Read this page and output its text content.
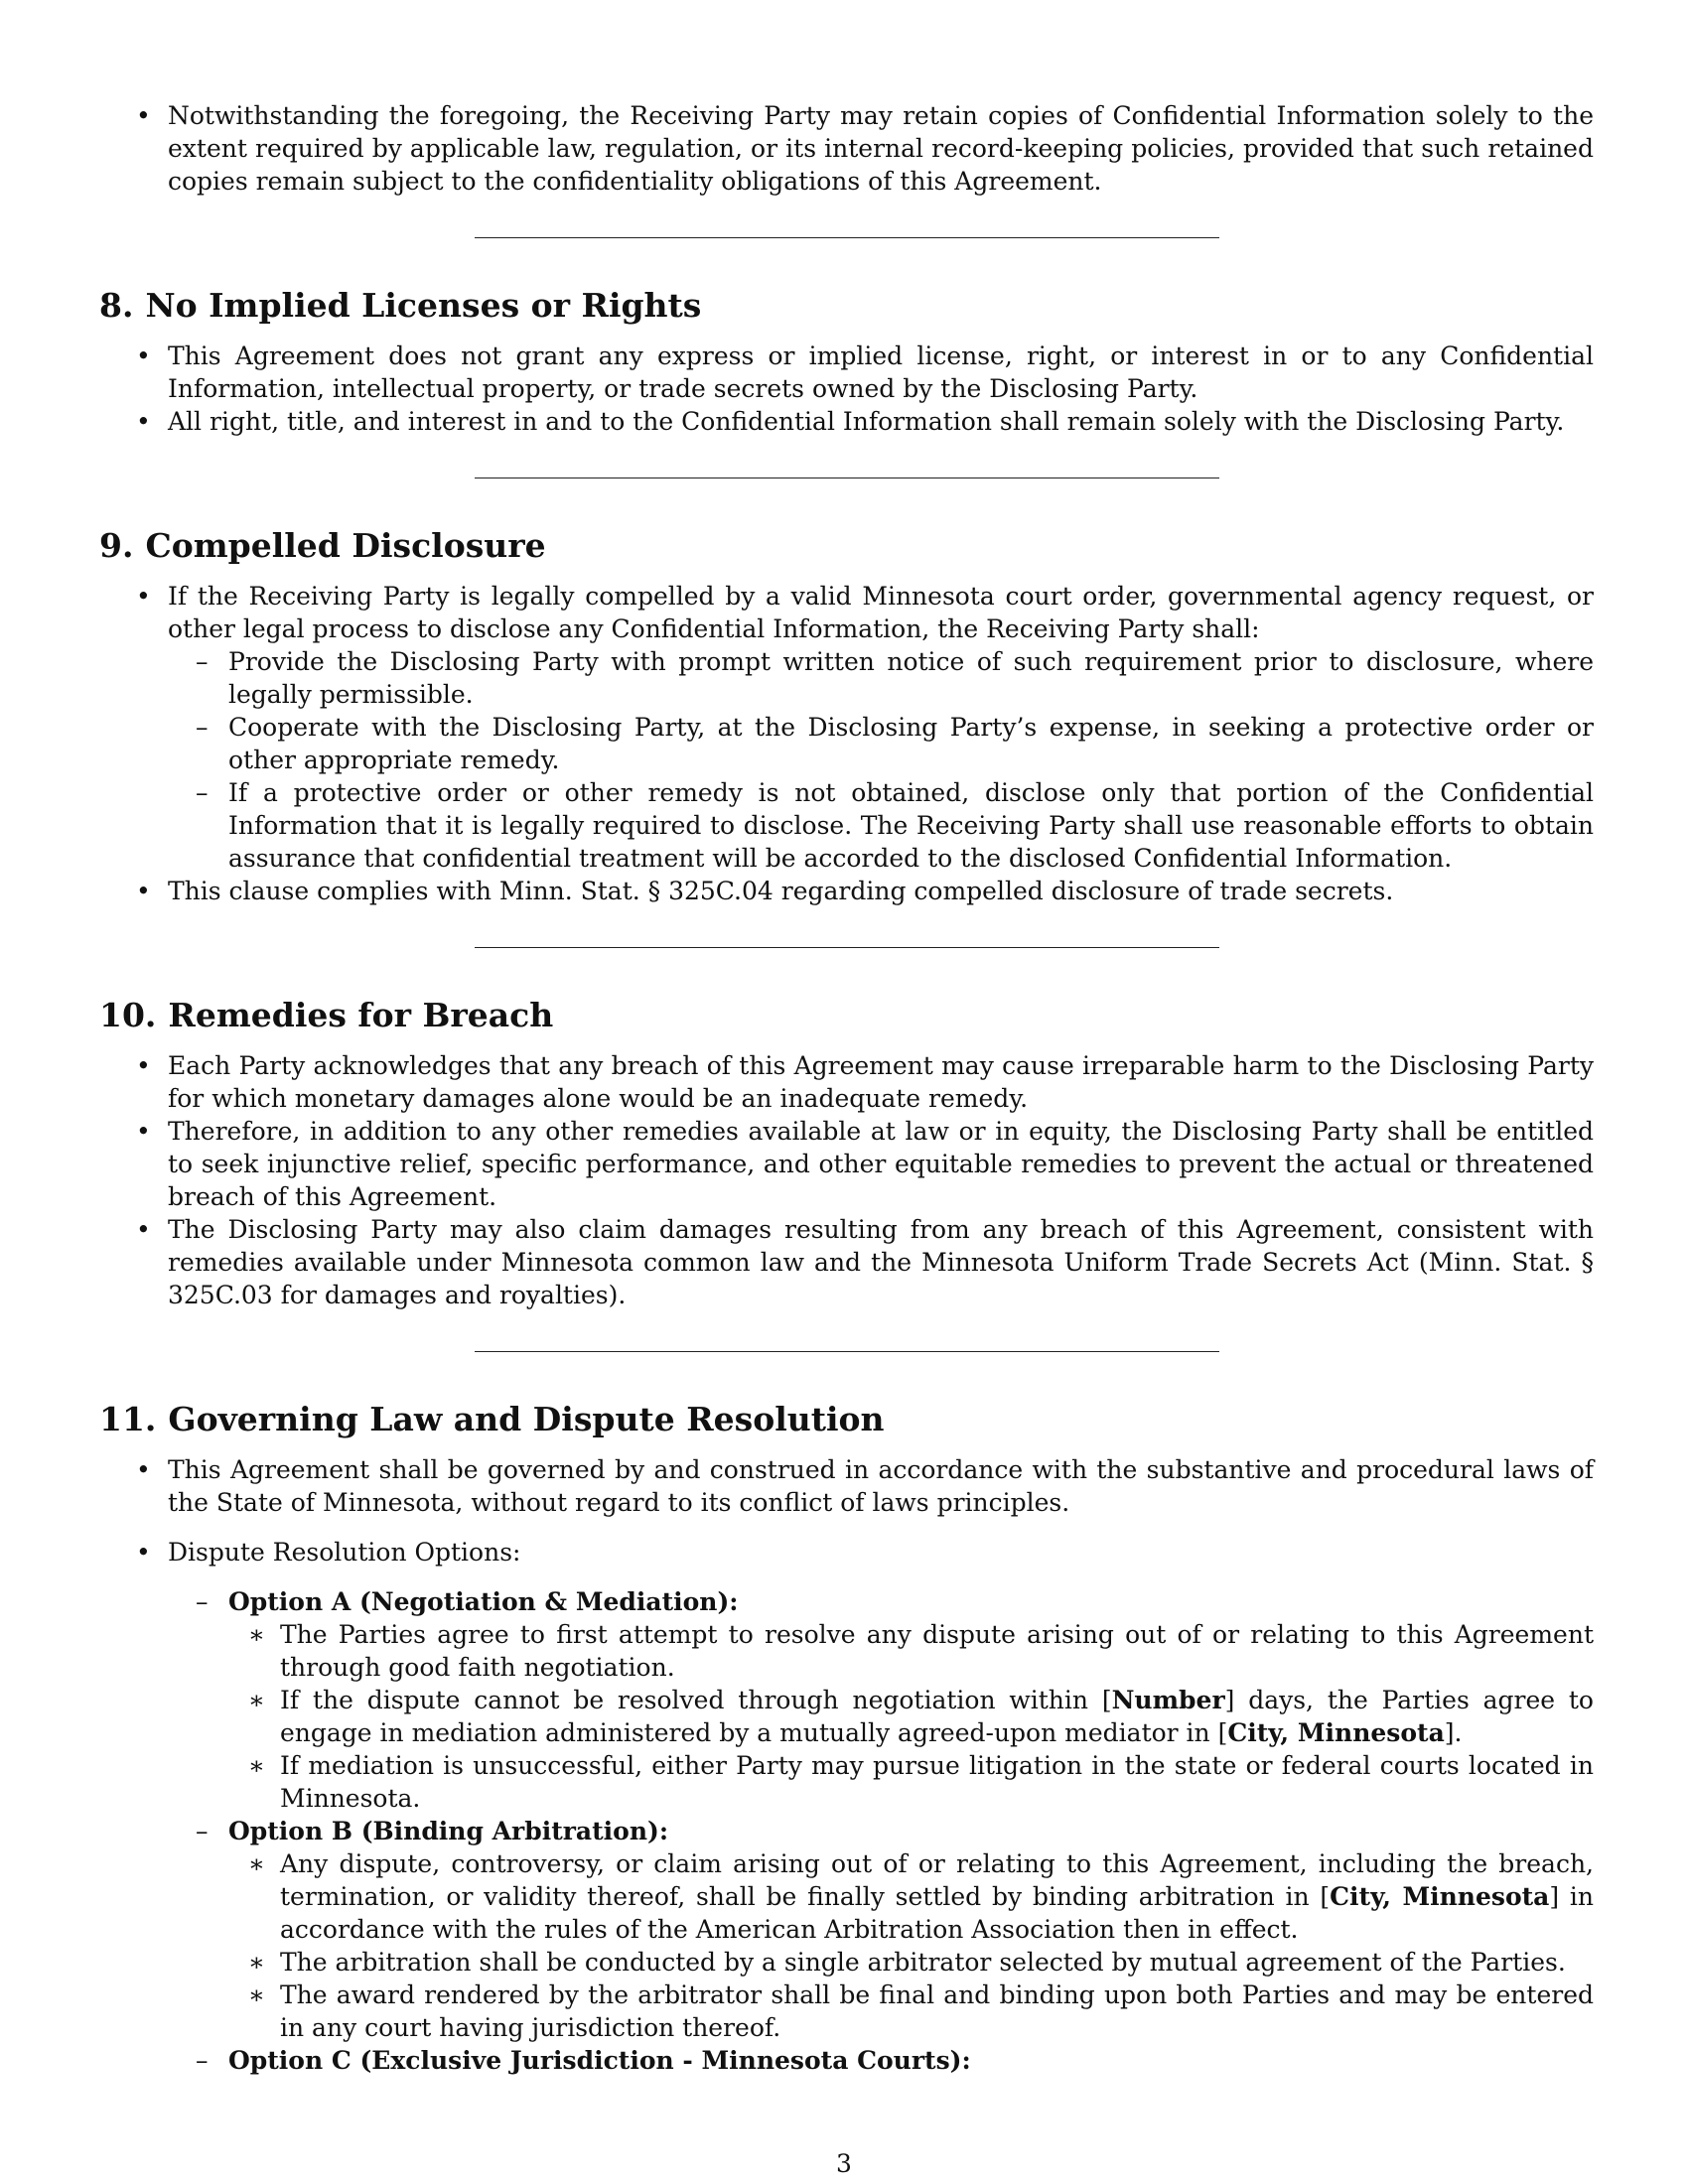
• Notwithstanding the foregoing, the Receiving Party may retain copies of Confidential Information solely to the extent required by applicable law, regulation, or its internal record-keeping policies, provided that such retained copies remain subject to the confidentiality obligations of this Agreement.
8. No Implied Licenses or Rights
• This Agreement does not grant any express or implied license, right, or interest in or to any Confidential Information, intellectual property, or trade secrets owned by the Disclosing Party.
• All right, title, and interest in and to the Confidential Information shall remain solely with the Disclosing Party.
9. Compelled Disclosure
• If the Receiving Party is legally compelled by a valid Minnesota court order, governmental agency request, or other legal process to disclose any Confidential Information, the Receiving Party shall:
– Provide the Disclosing Party with prompt written notice of such requirement prior to disclosure, where legally permissible.
– Cooperate with the Disclosing Party, at the Disclosing Party’s expense, in seeking a protective order or other appropriate remedy.
– If a protective order or other remedy is not obtained, disclose only that portion of the Confidential Information that it is legally required to disclose. The Receiving Party shall use reasonable efforts to obtain assurance that confidential treatment will be accorded to the disclosed Confidential Information.
• This clause complies with Minn. Stat. § 325C.04 regarding compelled disclosure of trade secrets.
10. Remedies for Breach
• Each Party acknowledges that any breach of this Agreement may cause irreparable harm to the Disclosing Party for which monetary damages alone would be an inadequate remedy.
• Therefore, in addition to any other remedies available at law or in equity, the Disclosing Party shall be entitled to seek injunctive relief, specific performance, and other equitable remedies to prevent the actual or threatened breach of this Agreement.
• The Disclosing Party may also claim damages resulting from any breach of this Agreement, consistent with remedies available under Minnesota common law and the Minnesota Uniform Trade Secrets Act (Minn. Stat. § 325C.03 for damages and royalties).
11. Governing Law and Dispute Resolution
• This Agreement shall be governed by and construed in accordance with the substantive and procedural laws of the State of Minnesota, without regard to its conflict of laws principles.
• Dispute Resolution Options:
– Option A (Negotiation & Mediation):
∗ The Parties agree to first attempt to resolve any dispute arising out of or relating to this Agreement through good faith negotiation.
∗ If the dispute cannot be resolved through negotiation within [Number] days, the Parties agree to engage in mediation administered by a mutually agreed-upon mediator in [City, Minnesota].
∗ If mediation is unsuccessful, either Party may pursue litigation in the state or federal courts located in Minnesota.
– Option B (Binding Arbitration):
∗ Any dispute, controversy, or claim arising out of or relating to this Agreement, including the breach, termination, or validity thereof, shall be finally settled by binding arbitration in [City, Minnesota] in accordance with the rules of the American Arbitration Association then in effect.
∗ The arbitration shall be conducted by a single arbitrator selected by mutual agreement of the Parties.
∗ The award rendered by the arbitrator shall be final and binding upon both Parties and may be entered in any court having jurisdiction thereof.
– Option C (Exclusive Jurisdiction - Minnesota Courts):
3
